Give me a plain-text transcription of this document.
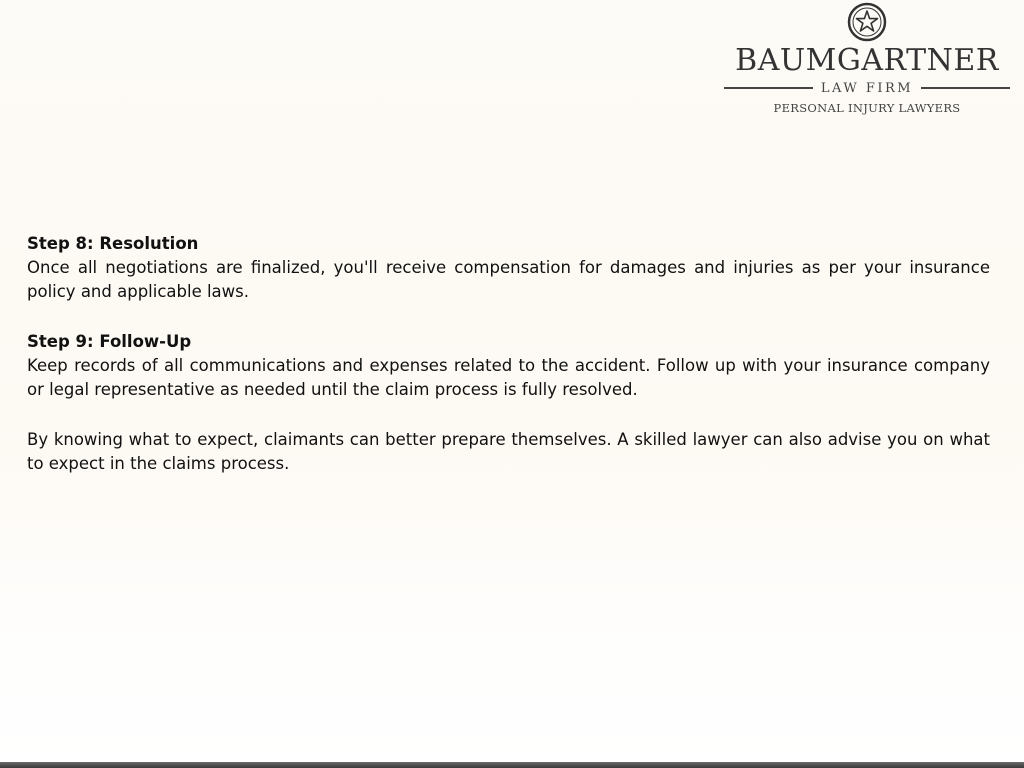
BAUMGARTNER
LAW FIRM
PERSONAL INJURY LAWYERS
Step 8: Resolution

Once all negotiations are finalized, you'll receive compensation for damages and injuries as per your insurance policy and applicable laws.

Step 9: Follow-Up

Keep records of all communications and expenses related to the accident. Follow up with your insurance company or legal representative as needed until the claim process is fully resolved.

By knowing what to expect, claimants can better prepare themselves. A skilled lawyer can also advise you on what to expect in the claims process.
